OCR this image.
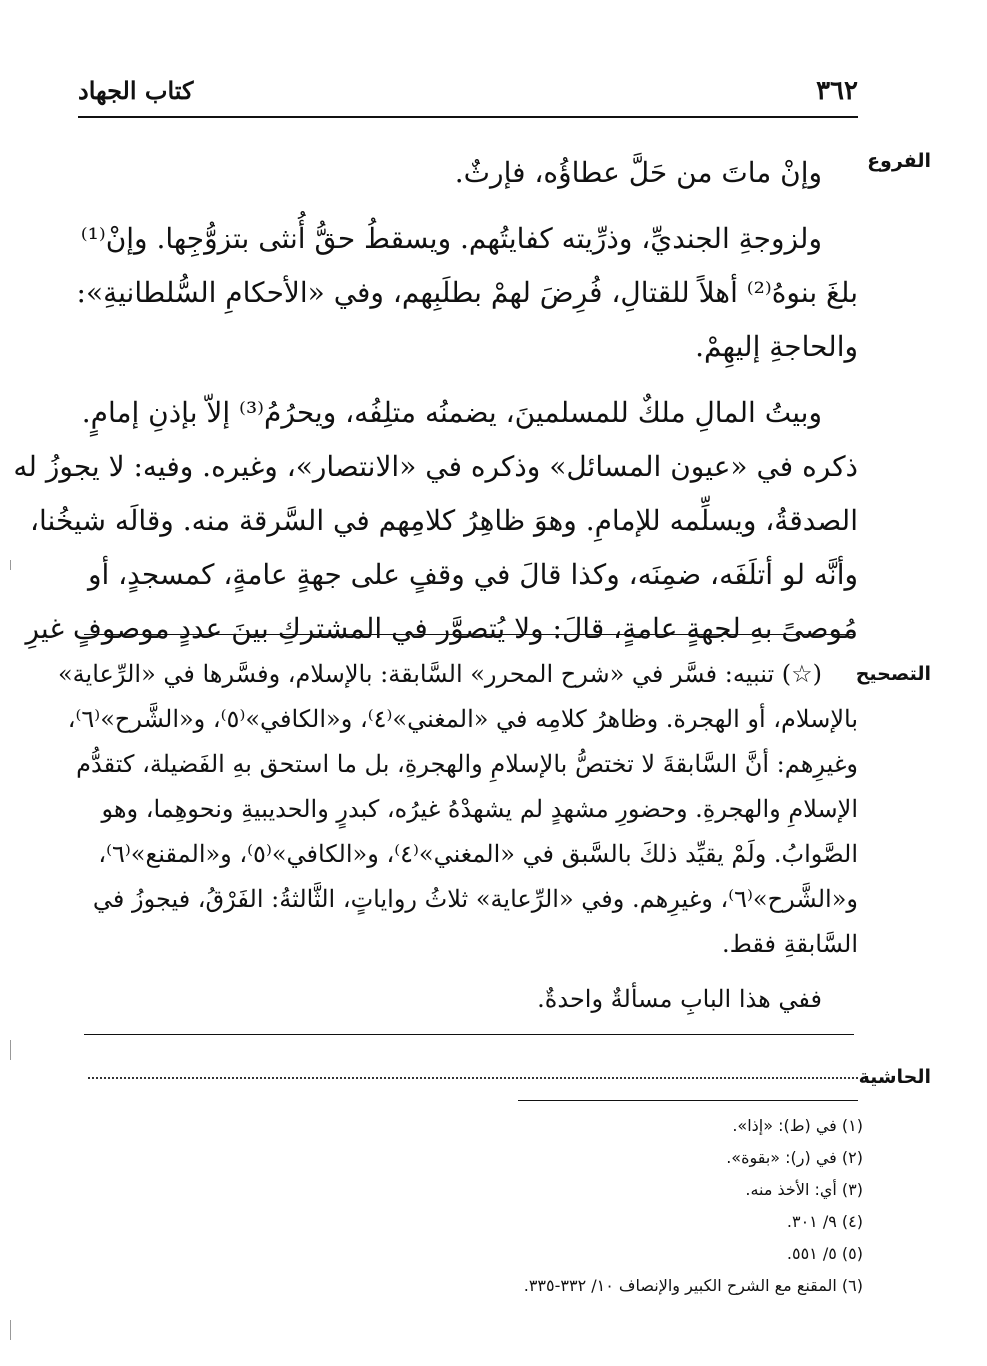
٣٦٢
كتاب الجهاد
الفروع
وإنْ ماتَ من حَلَّ عطاؤُه، فإرثٌ.
ولزوجةِ الجنديِّ، وذرِّيته كفايتُهم. ويسقطُ حقُّ أُنثى بتزوُّجِها. وإنْ⁽¹⁾
بلغَ بنوهُ⁽²⁾ أهلاً للقتالِ، فُرِضَ لهمْ بطلَبِهم، وفي «الأحكامِ السُّلطانيةِ»:
والحاجةِ إليهِمْ.
وبيتُ المالِ ملكٌ للمسلمينَ، يضمنُه متلِفُه، ويحرُمُ⁽³⁾ إلاّ بإذنِ إمامٍ.
ذكره في «عيون المسائل» وذكره في «الانتصار»، وغيره. وفيه: لا يجوزُ له
الصدقةُ، ويسلِّمه للإمامِ. وهوَ ظاهِرُ كلامِهم في السَّرقة منه. وقالَه شيخُنا،
وأنَّه لو أتلَفَه، ضمِنَه، وكذا قالَ في وقفٍ على جهةٍ عامةٍ، كمسجدٍ، أو
مُوصىً بهِ لجهةٍ عامةٍ، قالَ: ولا يُتصوَّر في المشتركِ بينَ عددٍ موصوفٍ غيرِ
التصحيح
(☆) تنبيه: فسَّر في «شرح المحرر» السَّابقة: بالإسلام، وفسَّرها في «الرِّعاية»
بالإسلام، أو الهجرة. وظاهرُ كلامِه في «المغني»⁽٤⁾، و«الكافي»⁽٥⁾، و«الشَّرح»⁽٦⁾،
وغيرِهم: أنَّ السَّابقةَ لا تختصُّ بالإسلامِ والهجرةِ، بل ما استحق بهِ الفَضيلة، كتقدُّم
الإسلامِ والهجرةِ. وحضورِ مشهدٍ لم يشهدْهُ غيرُه، كبدرٍ والحديبيةِ ونحوهِما، وهو
الصَّوابُ. ولَمْ يقيِّد ذلكَ بالسَّبق في «المغني»⁽٤⁾، و«الكافي»⁽٥⁾، و«المقنع»⁽٦⁾،
و«الشَّرح»⁽٦⁾، وغيرِهم. وفي «الرِّعاية» ثلاثُ رواياتٍ، الثَّالثةُ: الفَرْقُ، فيجوزُ في
السَّابقةِ فقط.
ففي هذا البابِ مسألةٌ واحدةٌ.
الحاشية
(١) في (ط): «إذا».
(٢) في (ر): «بقوة».
(٣) أي: الأخذ منه.
(٤) ٩/ ٣٠١.
(٥) ٥/ ٥٥١.
(٦) المقنع مع الشرح الكبير والإنصاف ١٠/ ٣٣٢-٣٣٥.
